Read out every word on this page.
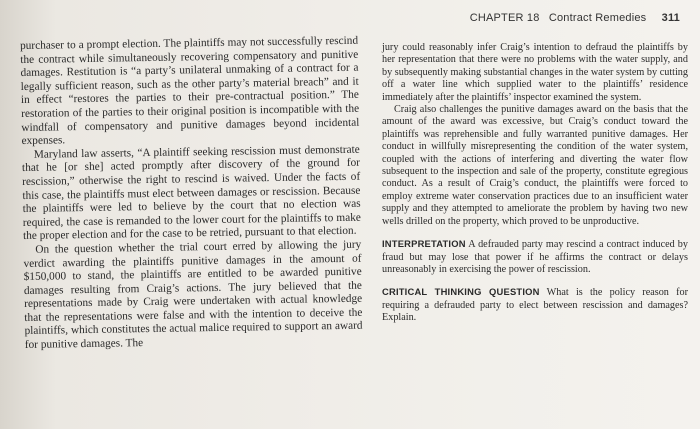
CHAPTER 18 Contract Remedies 311

purchaser to a prompt election. The plaintiffs may not successfully rescind the contract while simultaneously recovering compensatory and punitive damages. Restitution is “a party’s unilateral unmaking of a contract for a legally sufficient reason, such as the other party’s material breach” and it in effect “restores the parties to their pre-contractual position.” The restoration of the parties to their original position is incompatible with the windfall of compensatory and punitive damages beyond incidental expenses.

Maryland law asserts, “A plaintiff seeking rescission must demonstrate that he [or she] acted promptly after discovery of the ground for rescission,” otherwise the right to rescind is waived. Under the facts of this case, the plaintiffs must elect between damages or rescission. Because the plaintiffs were led to believe by the court that no election was required, the case is remanded to the lower court for the plaintiffs to make the proper election and for the case to be retried, pursuant to that election.

On the question whether the trial court erred by allowing the jury verdict awarding the plaintiffs punitive damages in the amount of $150,000 to stand, the plaintiffs are entitled to be awarded punitive damages resulting from Craig’s actions. The jury believed that the representations made by Craig were undertaken with actual knowledge that the representations were false and with the intention to deceive the plaintiffs, which constitutes the actual malice required to support an award for punitive damages. The

jury could reasonably infer Craig’s intention to defraud the plaintiffs by her representation that there were no problems with the water supply, and by subsequently making substantial changes in the water system by cutting off a water line which supplied water to the plaintiffs’ residence immediately after the plaintiffs’ inspector examined the system.

Craig also challenges the punitive damages award on the basis that the amount of the award was excessive, but Craig’s conduct toward the plaintiffs was reprehensible and fully warranted punitive damages. Her conduct in willfully misrepresenting the condition of the water system, coupled with the actions of interfering and diverting the water flow subsequent to the inspection and sale of the property, constitute egregious conduct. As a result of Craig’s conduct, the plaintiffs were forced to employ extreme water conservation practices due to an insufficient water supply and they attempted to ameliorate the problem by having two new wells drilled on the property, which proved to be unproductive.

INTERPRETATION A defrauded party may rescind a contract induced by fraud but may lose that power if he affirms the contract or delays unreasonably in exercising the power of rescission.

CRITICAL THINKING QUESTION What is the policy reason for requiring a defrauded party to elect between rescission and damages? Explain.
